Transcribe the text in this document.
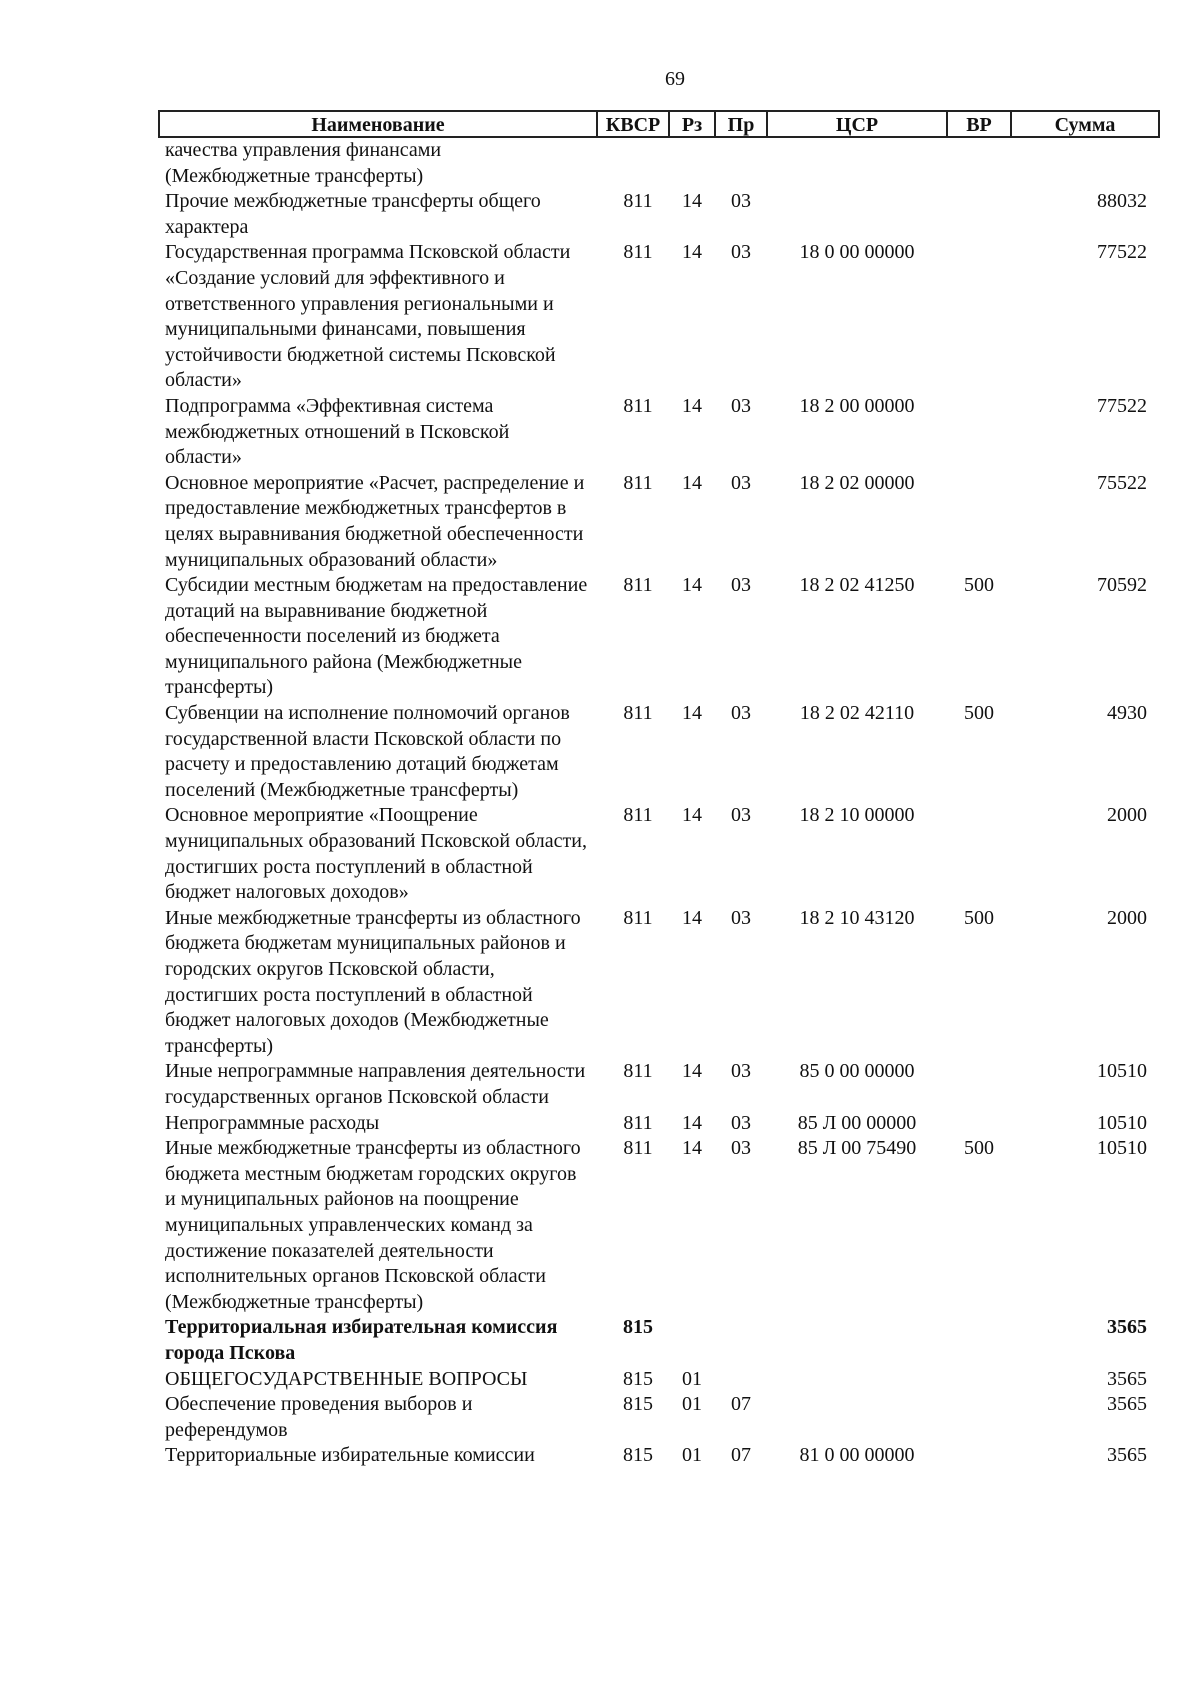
69
Наименование	КВСР	Рз	Пр	ЦСР	ВР	Сумма
качества управления финансами (Межбюджетные трансферты)						
Прочие межбюджетные трансферты общего характера	811	14	03			88032
Государственная программа Псковской области «Создание условий для эффективного и ответственного управления региональными и муниципальными финансами, повышения устойчивости бюджетной системы Псковской области»	811	14	03	18 0 00 00000		77522
Подпрограмма «Эффективная система межбюджетных отношений в Псковской области»	811	14	03	18 2 00 00000		77522
Основное мероприятие «Расчет, распределение и предоставление межбюджетных трансфертов в целях выравнивания бюджетной обеспеченности муниципальных образований области»	811	14	03	18 2 02 00000		75522
Субсидии местным бюджетам на предоставление дотаций на выравнивание бюджетной обеспеченности поселений из бюджета муниципального района (Межбюджетные трансферты)	811	14	03	18 2 02 41250	500	70592
Субвенции на исполнение полномочий органов государственной власти Псковской области по расчету и предоставлению дотаций бюджетам поселений (Межбюджетные трансферты)	811	14	03	18 2 02 42110	500	4930
Основное мероприятие «Поощрение муниципальных образований Псковской области, достигших роста поступлений в областной бюджет налоговых доходов»	811	14	03	18 2 10 00000		2000
Иные межбюджетные трансферты из областного бюджета бюджетам муниципальных районов и городских округов Псковской области, достигших роста поступлений в областной бюджет налоговых доходов (Межбюджетные трансферты)	811	14	03	18 2 10 43120	500	2000
Иные непрограммные направления деятельности государственных органов Псковской области	811	14	03	85 0 00 00000		10510
Непрограммные расходы	811	14	03	85 Л 00 00000		10510
Иные межбюджетные трансферты из областного бюджета местным бюджетам городских округов и муниципальных районов на поощрение муниципальных управленческих команд за достижение показателей деятельности исполнительных органов Псковской области (Межбюджетные трансферты)	811	14	03	85 Л 00 75490	500	10510
Территориальная избирательная комиссия города Пскова	815					3565
ОБЩЕГОСУДАРСТВЕННЫЕ ВОПРОСЫ	815	01				3565
Обеспечение проведения выборов и референдумов	815	01	07			3565
Территориальные избирательные комиссии	815	01	07	81 0 00 00000		3565
